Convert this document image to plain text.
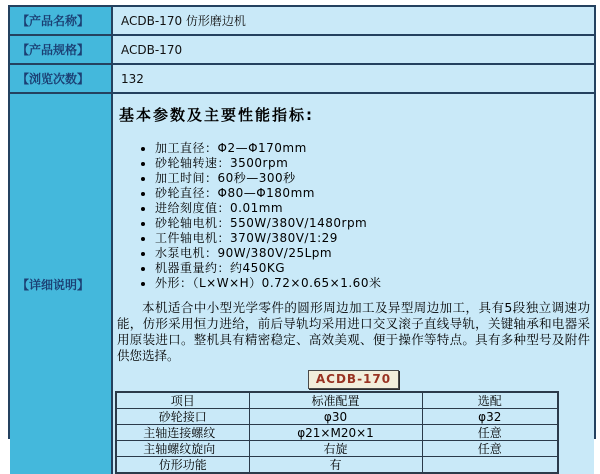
【产品名称】	ACDB-170 仿形磨边机
【产品规格】	ACDB-170
【浏览次数】	132
【详细说明】
基本参数及主要性能指标:
• 加工直径：Φ2—Φ170mm
• 砂轮轴转速：3500rpm
• 加工时间：60秒—300秒
• 砂轮直径：Φ80—Φ180mm
• 进给刻度值：0.01mm
• 砂轮轴电机：550W/380V/1480rpm
• 工件轴电机：370W/380V/1:29
• 水泵电机：90W/380V/25Lpm
• 机器重量约：约450KG
• 外形：（L×W×H）0.72×0.65×1.60米
本机适合中小型光学零件的圆形周边加工及异型周边加工，具有5段独立调速功能，仿形采用恒力进给，前后导轨均采用进口交叉滚子直线导轨，关键轴承和电器采用原装进口。整机具有精密稳定、高效美观、便于操作等特点。具有多种型号及附件供您选择。
ACDB-170
项目	标准配置	选配
砂轮接口	φ30	φ32
主轴连接螺纹	φ21×M20×1	任意
主轴螺纹旋向	右旋	任意
仿形功能	有	
